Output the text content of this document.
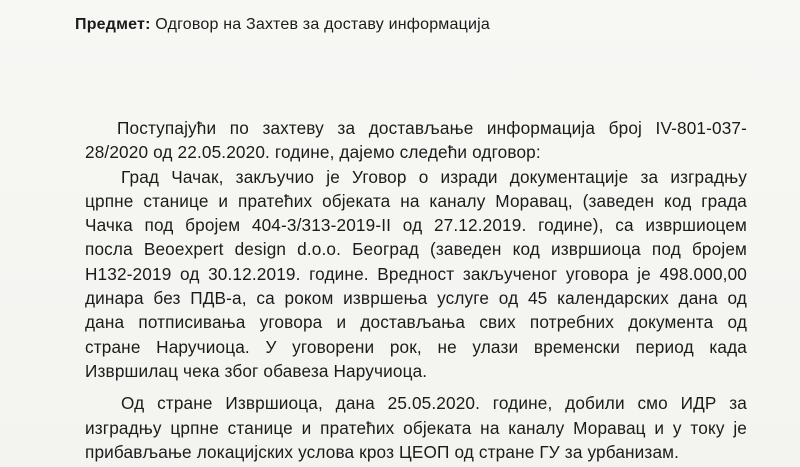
Предмет: Одговор на Захтев за доставу информација
Поступајући по захтеву за достављање информација број IV-801-037-
28/2020 од 22.05.2020. године, дајемо следећи одговор:
Град Чачак, закључио је Уговор о изради документације за изградњу
црпне станице и пратећих објеката на каналу Моравац, (заведен код града
Чачка под бројем 404-3/313-2019-II од 27.12.2019. године), са извршиоцем
посла Beoexpert design d.o.o. Београд (заведен код извршиоца под бројем
Н132-2019 од 30.12.2019. године. Вредност закљученог уговора је 498.000,00
динара без ПДВ-а, са роком извршења услуге од 45 календарских дана од
дана потписивања уговора и достављања свих потребних документа од
стране Наручиоца. У уговорени рок, не улази временски период када
Извршилац чека због обавеза Наручиоца.
Од стране Извршиоца, дана 25.05.2020. године, добили смо ИДР за
изградњу црпне станице и пратећих објеката на каналу Моравац и у току је
прибављање локацијских услова кроз ЦЕОП од стране ГУ за урбанизам.
